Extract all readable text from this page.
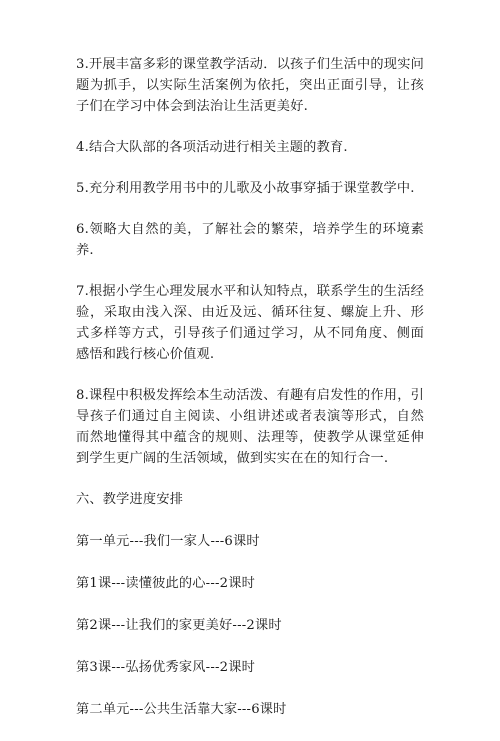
3.开展丰富多彩的课堂教学活动．以孩子们生活中的现实问题为抓手，以实际生活案例为依托，突出正面引导，让孩子们在学习中体会到法治让生活更美好.

4.结合大队部的各项活动进行相关主题的教育.

5.充分利用教学用书中的儿歌及小故事穿插于课堂教学中.

6.领略大自然的美，了解社会的繁荣，培养学生的环境素养.

7.根据小学生心理发展水平和认知特点，联系学生的生活经验，采取由浅入深、由近及远、循环往复、螺旋上升、形式多样等方式，引导孩子们通过学习，从不同角度、侧面感悟和践行核心价值观.

8.课程中积极发挥绘本生动活泼、有趣有启发性的作用，引导孩子们通过自主阅读、小组讲述或者表演等形式，自然而然地懂得其中蕴含的规则、法理等，使教学从课堂延伸到学生更广阔的生活领域，做到实实在在的知行合一.

六、教学进度安排

第一单元---我们一家人---6课时

第1课---读懂彼此的心---2课时

第2课---让我们的家更美好---2课时

第3课---弘扬优秀家风---2课时

第二单元---公共生活靠大家---6课时
